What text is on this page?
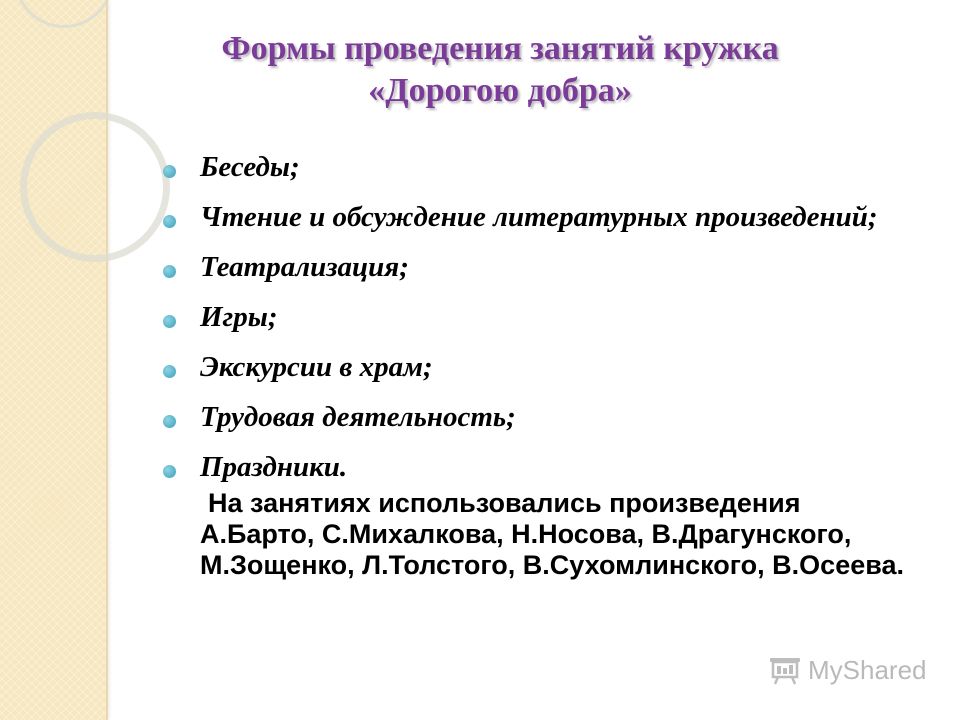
Формы проведения занятий кружка «Дорогою добра»
Беседы;
Чтение и обсуждение литературных произведений;
Театрализация;
Игры;
Экскурсии в храм;
Трудовая деятельность;
Праздники.

На занятиях использовались произведения А.Барто, С.Михалкова, Н.Носова, В.Драгунского, М.Зощенко, Л.Толстого, В.Сухомлинского, В.Осеева.

MyShared
